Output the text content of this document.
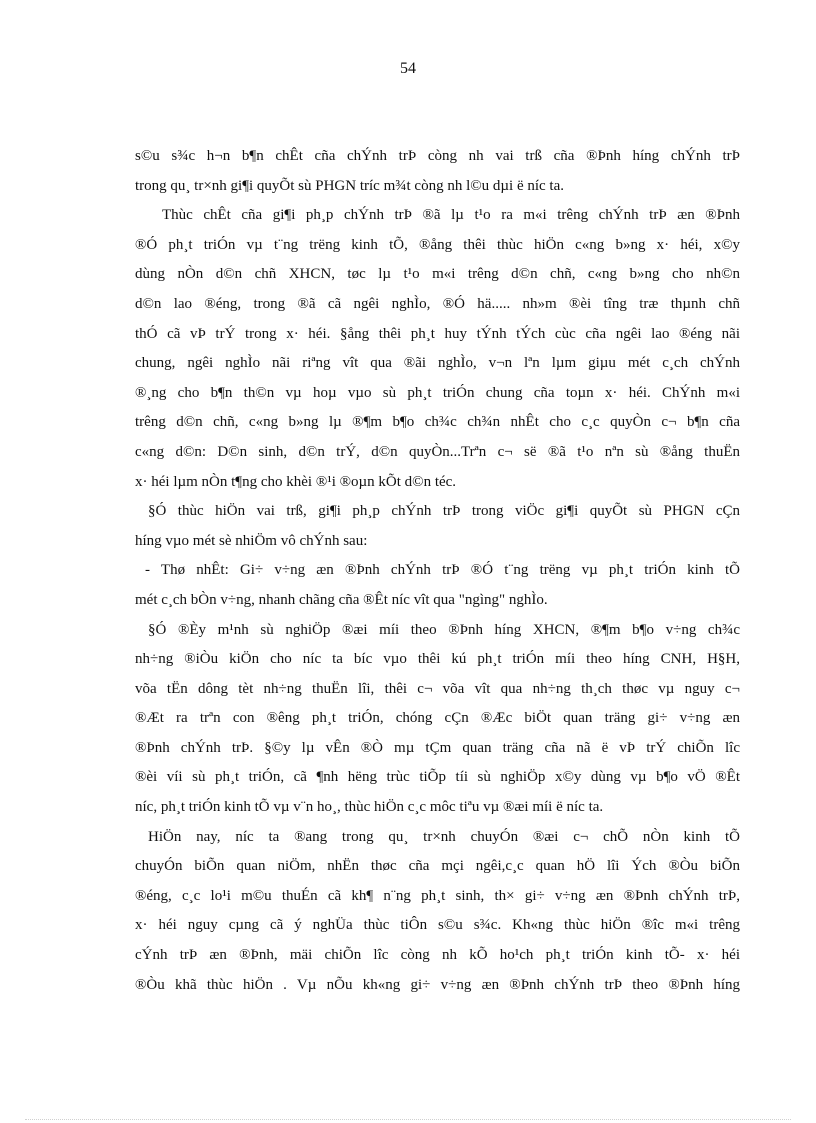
54
s©u s¾c h¬n b¶n chÊt cña chÝnh trÞ còng nh vai trß cña ®Þnh híng chÝnh trÞ
trong qu¸ tr×nh gi¶i quyÕt sù PHGN tríc m¾t còng nh l©u dµi ë níc ta.
Thùc chÊt cña gi¶i ph¸p chÝnh trÞ ®ã lµ t¹o ra m«i trêng chÝnh trÞ æn ®Þnh
®Ó ph¸t triÓn vµ t¨ng trëng kinh tÕ, ®ång thêi thùc hiÖn c«ng b»ng x· héi, x©y
dùng nÒn d©n chñ XHCN, tøc lµ t¹o m«i trêng d©n chñ, c«ng b»ng cho nh©n
d©n lao ®éng, trong ®ã cã ngêi nghÌo, ®Ó hä..... nh»m ®èi tîng træ thµnh chñ
thÓ cã vÞ trÝ trong x· héi. §ång thêi ph¸t huy tÝnh tÝch cùc cña ngêi lao ®éng nãi
chung, ngêi nghÌo nãi riªng vît qua ®ãi nghÌo, v¬n lªn lµm giµu mét c¸ch chÝnh
®¸ng cho b¶n th©n vµ hoµ vµo sù ph¸t triÓn chung cña toµn x· héi. ChÝnh m«i
trêng d©n chñ, c«ng b»ng lµ ®¶m b¶o ch¾c ch¾n nhÊt cho c¸c quyÒn c¬ b¶n cña
c«ng d©n: D©n sinh, d©n trÝ, d©n quyÒn...Trªn c¬ së ®ã t¹o nªn sù ®ång thuËn
x· héi lµm nÒn t¶ng cho khèi ®¹i ®oµn kÕt d©n téc.
§Ó thùc hiÖn vai trß, gi¶i ph¸p chÝnh trÞ trong viÖc gi¶i quyÕt sù PHGN cÇn
híng vµo mét sè nhiÖm vô chÝnh sau:
- Thø nhÊt: Gi÷ v÷ng æn ®Þnh chÝnh trÞ ®Ó t¨ng trëng vµ ph¸t triÓn kinh tÕ
mét c¸ch bÒn v÷ng, nhanh chãng cña ®Êt níc vît qua "ngìng" nghÌo.
§Ó ®Èy m¹nh sù nghiÖp ®æi míi theo ®Þnh híng XHCN, ®¶m b¶o v÷ng ch¾c
nh÷ng ®iÒu kiÖn cho níc ta bíc vµo thêi kú ph¸t triÓn míi theo híng CNH, H§H,
võa tËn dông tèt nh÷ng thuËn lîi, thêi c¬ võa vît qua nh÷ng th¸ch thøc vµ nguy c¬
®Æt ra trªn con ®êng ph¸t triÓn, chóng cÇn ®Æc biÖt quan träng gi÷ v÷ng æn
®Þnh chÝnh trÞ. §©y lµ vÊn ®Ò mµ tÇm quan träng cña nã ë vÞ trÝ chiÕn lîc
®èi víi sù ph¸t triÓn, cã ¶nh hëng trùc tiÕp tíi sù nghiÖp x©y dùng vµ b¶o vÖ ®Êt
níc, ph¸t triÓn kinh tÕ vµ v¨n ho¸, thùc hiÖn c¸c môc tiªu vµ ®æi míi ë níc ta.
HiÖn nay, níc ta ®ang trong qu¸ tr×nh chuyÓn ®æi c¬ chÕ nÒn kinh tÕ
chuyÓn biÕn quan niÖm, nhËn thøc cña mçi ngêi,c¸c quan hÖ lîi Ých ®Òu biÕn
®éng, c¸c lo¹i m©u thuÉn cã kh¶ n¨ng ph¸t sinh, th× gi÷ v÷ng æn ®Þnh chÝnh trÞ,
x· héi nguy cµng cã ý nghÜa thùc tiÔn s©u s¾c. Kh«ng thùc hiÖn ®îc m«i trêng
cÝnh trÞ æn ®Þnh, mäi chiÕn lîc còng nh kÕ ho¹ch ph¸t triÓn kinh tÕ- x· héi
®Òu khã thùc hiÖn . Vµ nÕu kh«ng gi÷ v÷ng æn ®Þnh chÝnh trÞ theo ®Þnh híng
